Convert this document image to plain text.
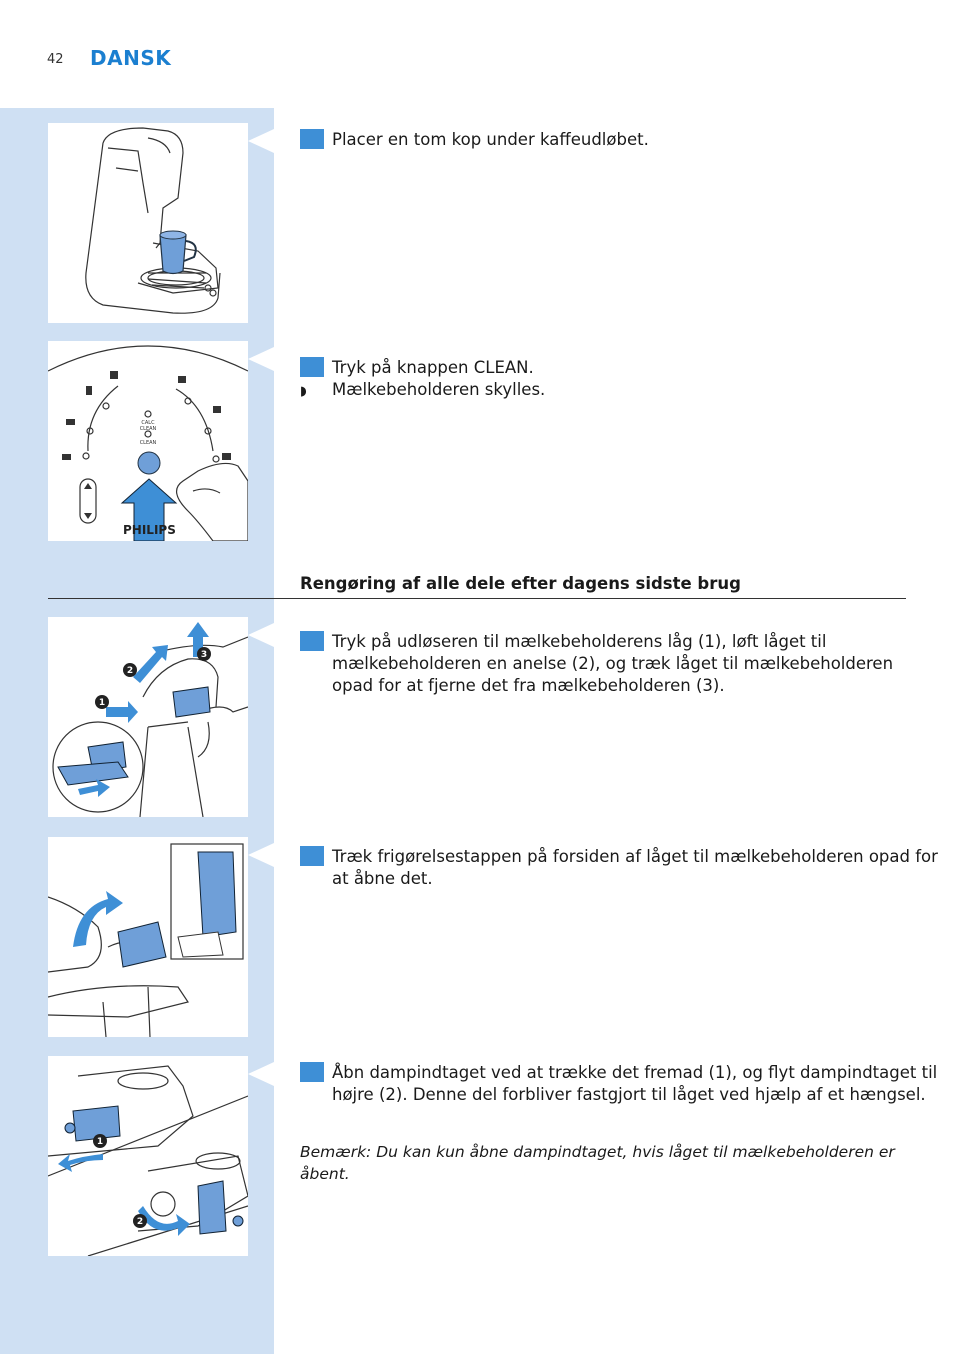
42 DANSK
CALC
CLEAN
CLEAN
PHILIPS
1
2
3
1
2
7 Placer en tom kop under kaffeudløbet.
8 Tryk på knappen CLEAN.
◗ Mælkebeholderen skylles.
Rengøring af alle dele efter dagens sidste brug
1 Tryk på udløseren til mælkebeholderens låg (1), løft låget til mælkebeholderen en anelse (2), og træk låget til mælkebeholderen opad for at fjerne det fra mælkebeholderen (3).
2 Træk frigørelsestappen på forsiden af låget til mælkebeholderen opad for at åbne det.
3 Åbn dampindtaget ved at trække det fremad (1), og flyt dampindtaget til højre (2). Denne del forbliver fastgjort til låget ved hjælp af et hængsel.
Bemærk: Du kan kun åbne dampindtaget, hvis låget til mælkebeholderen er åbent.
